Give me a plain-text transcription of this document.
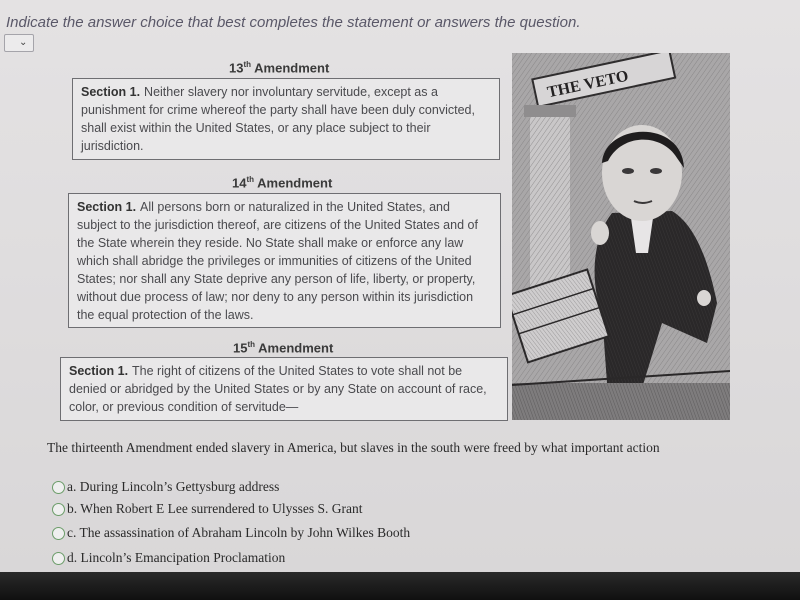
Indicate the answer choice that best completes the statement or answers the question.
⌄
13th Amendment
Section 1. Neither slavery nor involuntary servitude, except as a punishment for crime whereof the party shall have been duly convicted, shall exist within the United States, or any place subject to their jurisdiction.
14th Amendment
Section 1. All persons born or naturalized in the United States, and subject to the jurisdiction thereof, are citizens of the United States and of the State wherein they reside. No State shall make or enforce any law which shall abridge the privileges or immunities of citizens of the United States; nor shall any State deprive any person of life, liberty, or property, without due process of law; nor deny to any person within its jurisdiction the equal protection of the laws.
15th Amendment
Section 1. The right of citizens of the United States to vote shall not be denied or abridged by the United States or by any State on account of race, color, or previous condition of servitude—
THE VETO
The thirteenth Amendment ended slavery in America, but slaves in the south were freed by what important action
a. During Lincoln’s Gettysburg address
b. When Robert E Lee surrendered to Ulysses S. Grant
c. The assassination of Abraham Lincoln by John Wilkes Booth
d. Lincoln’s Emancipation Proclamation
